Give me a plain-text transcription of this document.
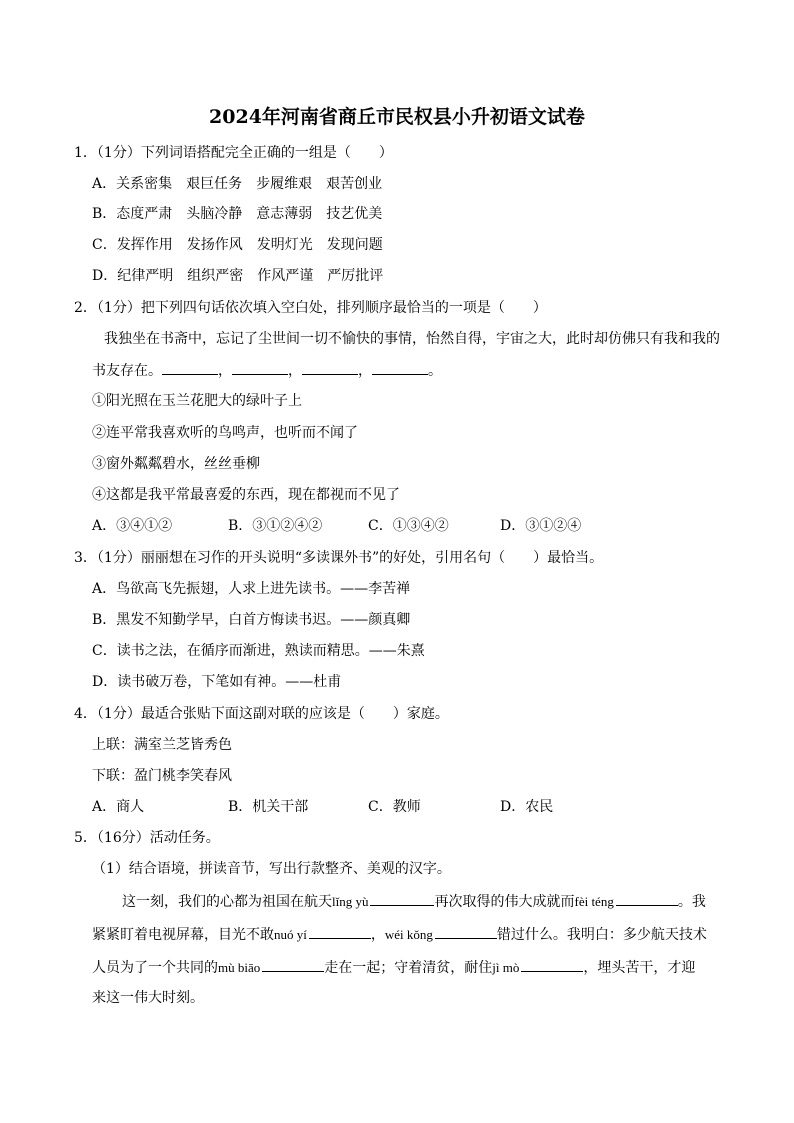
2024年河南省商丘市民权县小升初语文试卷
1．（1分）下列词语搭配完全正确的一组是（　　）
A．关系密集　艰巨任务　步履维艰　艰苦创业
B．态度严肃　头脑冷静　意志薄弱　技艺优美
C．发挥作用　发扬作风　发明灯光　发现问题
D．纪律严明　组织严密　作风严谨　严厉批评
2．（1分）把下列四句话依次填入空白处，排列顺序最恰当的一项是（　　）
我独坐在书斋中，忘记了尘世间一切不愉快的事情，怡然自得，宇宙之大，此时却仿佛只有我和我的
书友存在。	，	，	，	。
①阳光照在玉兰花肥大的绿叶子上
②连平常我喜欢听的鸟鸣声，也听而不闻了
③窗外粼粼碧水，丝丝垂柳
④这都是我平常最喜爱的东西，现在都视而不见了
A．③④①②	B．③①②④②	C．①③④②	D．③①②④
3．（1分）丽丽想在习作的开头说明“多读课外书”的好处，引用名句（　　）最恰当。
A．鸟欲高飞先振翅，人求上进先读书。——李苦禅
B．黑发不知勤学早，白首方悔读书迟。——颜真卿
C．读书之法，在循序而渐进，熟读而精思。——朱熹
D．读书破万卷，下笔如有神。——杜甫
4．（1分）最适合张贴下面这副对联的应该是（　　）家庭。
上联：满室兰芝皆秀色
下联：盈门桃李笑春风
A．商人	B．机关干部	C．教师	D．农民
5．（16分）活动任务。
（1）结合语境，拼读音节，写出行款整齐、美观的汉字。
这一刻，我们的心都为祖国在航天lǐng yù	再次取得的伟大成就而fèi téng	。我
紧紧盯着电视屏幕，目光不敢nuó yí	，wéi kǒng	错过什么。我明白：多少航天技术
人员为了一个共同的mù biāo	走在一起；守着清贫，耐住jì mò	，埋头苦干，才迎
来这一伟大时刻。
